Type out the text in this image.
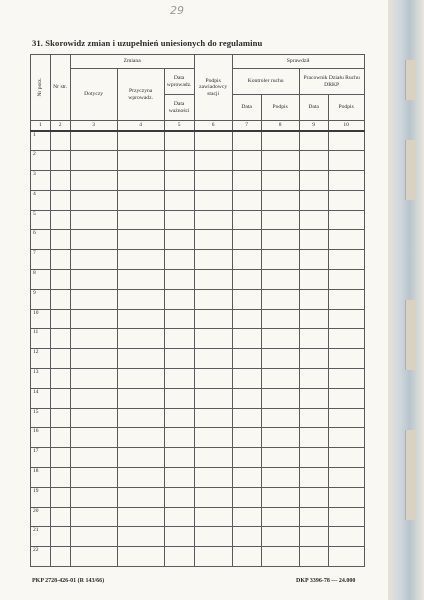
29
31. Skorowidz zmian i uzupełnień uniesionych do regulaminu
Nr porz.	Nr str.	Zmiana			Podpis zawiadowcy stacji	Sprawdził			
		Dotyczy	Przyczyna wprowadz.	Data wprowadz.		Kontroler ruchu		Pracownik Działu Ruchu DRKP	
				Data ważności		Data	Podpis	Data	Podpis
1	2	3	4	5	6	7	8	9	10
1									
2									
3									
4									
5									
6									
7									
8									
9									
10									
11									
12									
13									
14									
15									
16									
17									
18									
19									
20									
21									
22									
PKP 2728-426-01 (R 143/66)	DKP 3396-78 — 24.000
